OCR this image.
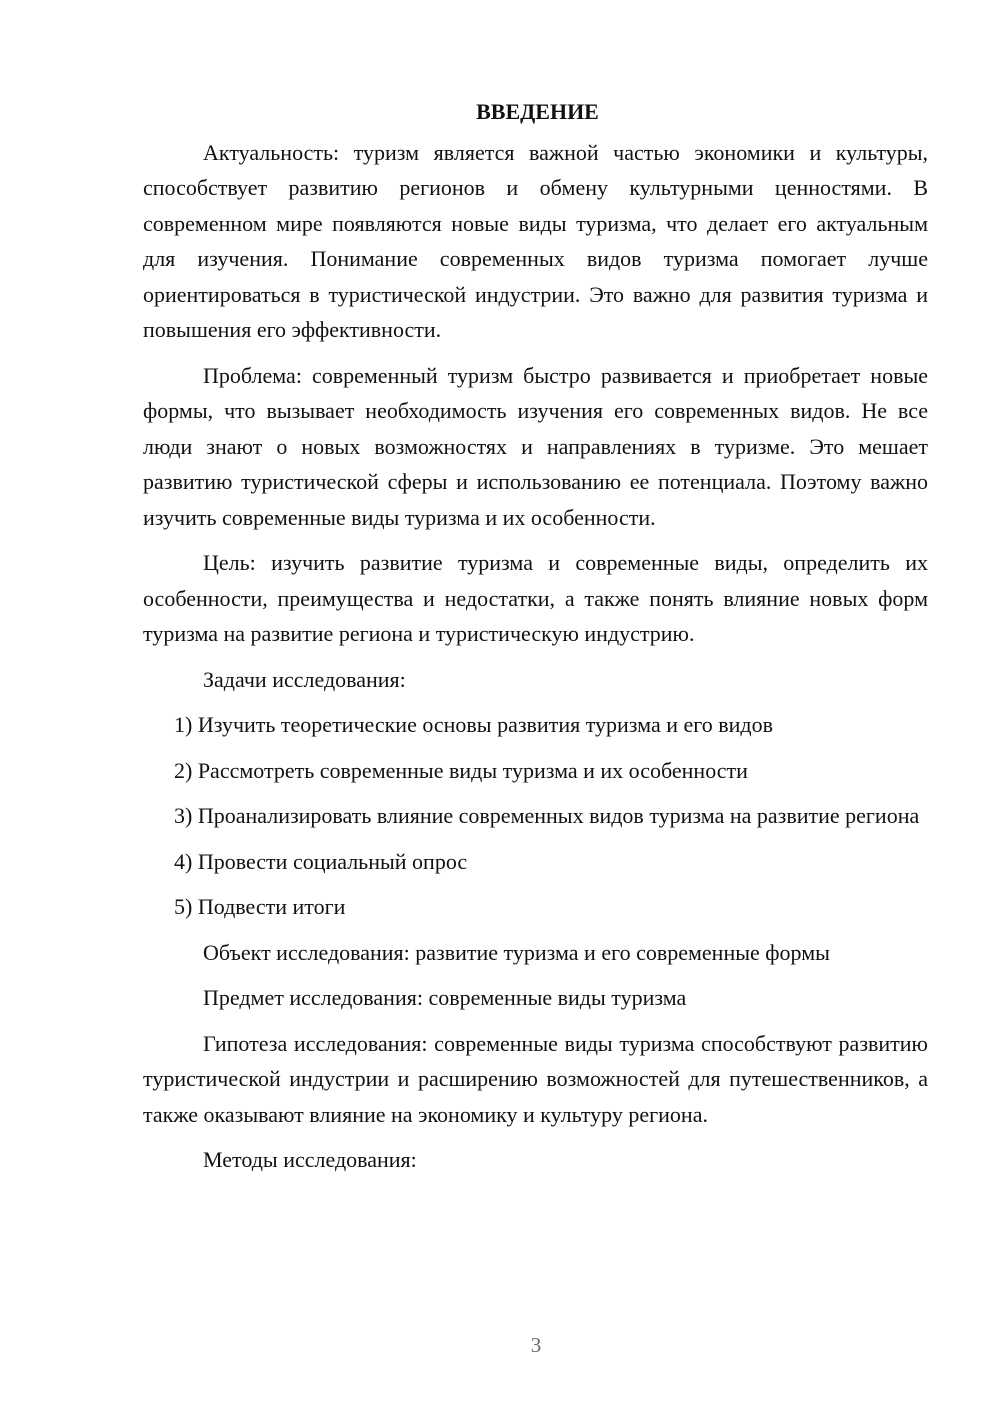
ВВЕДЕНИЕ

Актуальность: туризм является важной частью экономики и культуры, способствует развитию регионов и обмену культурными ценностями. В современном мире появляются новые виды туризма, что делает его актуальным для изучения. Понимание современных видов туризма помогает лучше ориентироваться в туристической индустрии. Это важно для развития туризма и повышения его эффективности.

Проблема: современный туризм быстро развивается и приобретает новые формы, что вызывает необходимость изучения его современных видов. Не все люди знают о новых возможностях и направлениях в туризме. Это мешает развитию туристической сферы и использованию ее потенциала. Поэтому важно изучить современные виды туризма и их особенности.

Цель: изучить развитие туризма и современные виды, определить их особенности, преимущества и недостатки, а также понять влияние новых форм туризма на развитие региона и туристическую индустрию.

Задачи исследования:

1) Изучить теоретические основы развития туризма и его видов

2) Рассмотреть современные виды туризма и их особенности

3) Проанализировать влияние современных видов туризма на развитие региона

4) Провести социальный опрос

5) Подвести итоги

Объект исследования: развитие туризма и его современные формы

Предмет исследования: современные виды туризма

Гипотеза исследования: современные виды туризма способствуют развитию туристической индустрии и расширению возможностей для путешественников, а также оказывают влияние на экономику и культуру региона.

Методы исследования:

3
